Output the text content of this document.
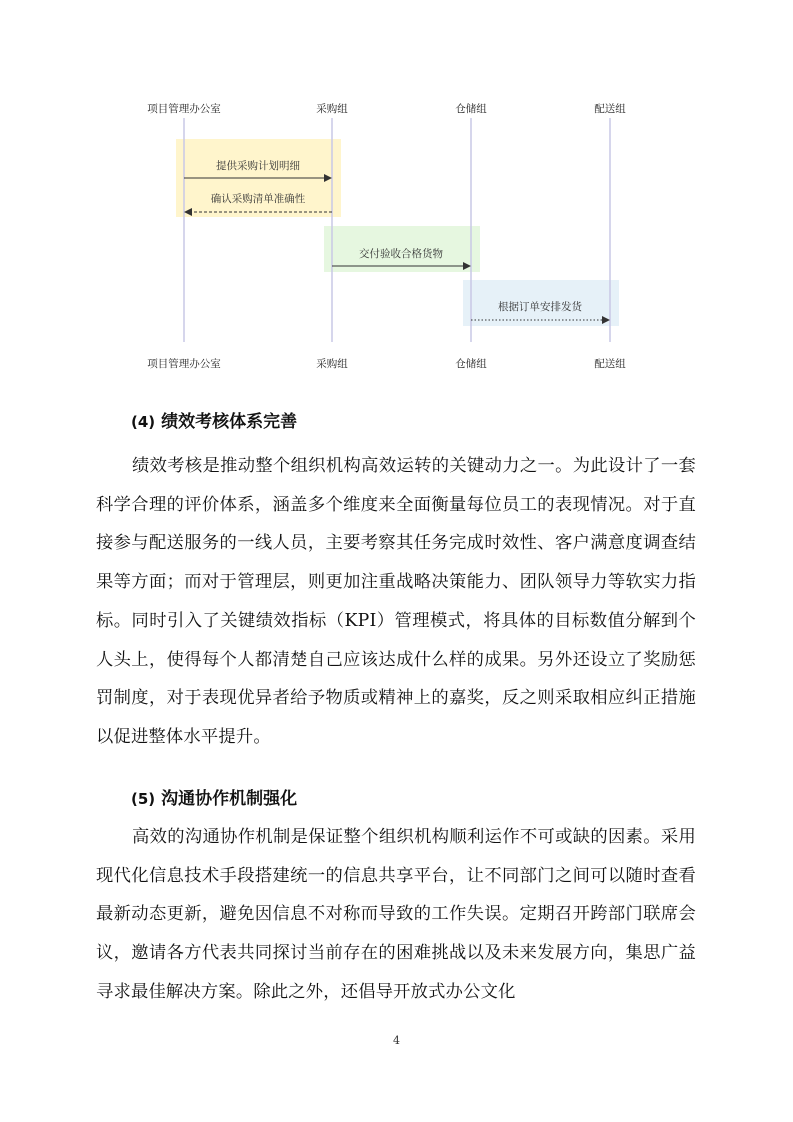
项目管理办公室	采购组	仓储组	配送组
项目管理办公室	采购组	仓储组	配送组
提供采购计划明细
确认采购清单准确性
交付验收合格货物
根据订单安排发货
(4) 绩效考核体系完善

绩效考核是推动整个组织机构高效运转的关键动力之一。为此设计了一套科学合理的评价体系，涵盖多个维度来全面衡量每位员工的表现情况。对于直接参与配送服务的一线人员，主要考察其任务完成时效性、客户满意度调查结果等方面；而对于管理层，则更加注重战略决策能力、团队领导力等软实力指标。同时引入了关键绩效指标（KPI）管理模式，将具体的目标数值分解到个人头上，使得每个人都清楚自己应该达成什么样的成果。另外还设立了奖励惩罚制度，对于表现优异者给予物质或精神上的嘉奖，反之则采取相应纠正措施以促进整体水平提升。

(5) 沟通协作机制强化

高效的沟通协作机制是保证整个组织机构顺利运作不可或缺的因素。采用现代化信息技术手段搭建统一的信息共享平台，让不同部门之间可以随时查看最新动态更新，避免因信息不对称而导致的工作失误。定期召开跨部门联席会议，邀请各方代表共同探讨当前存在的困难挑战以及未来发展方向，集思广益寻求最佳解决方案。除此之外，还倡导开放式办公文化

4
